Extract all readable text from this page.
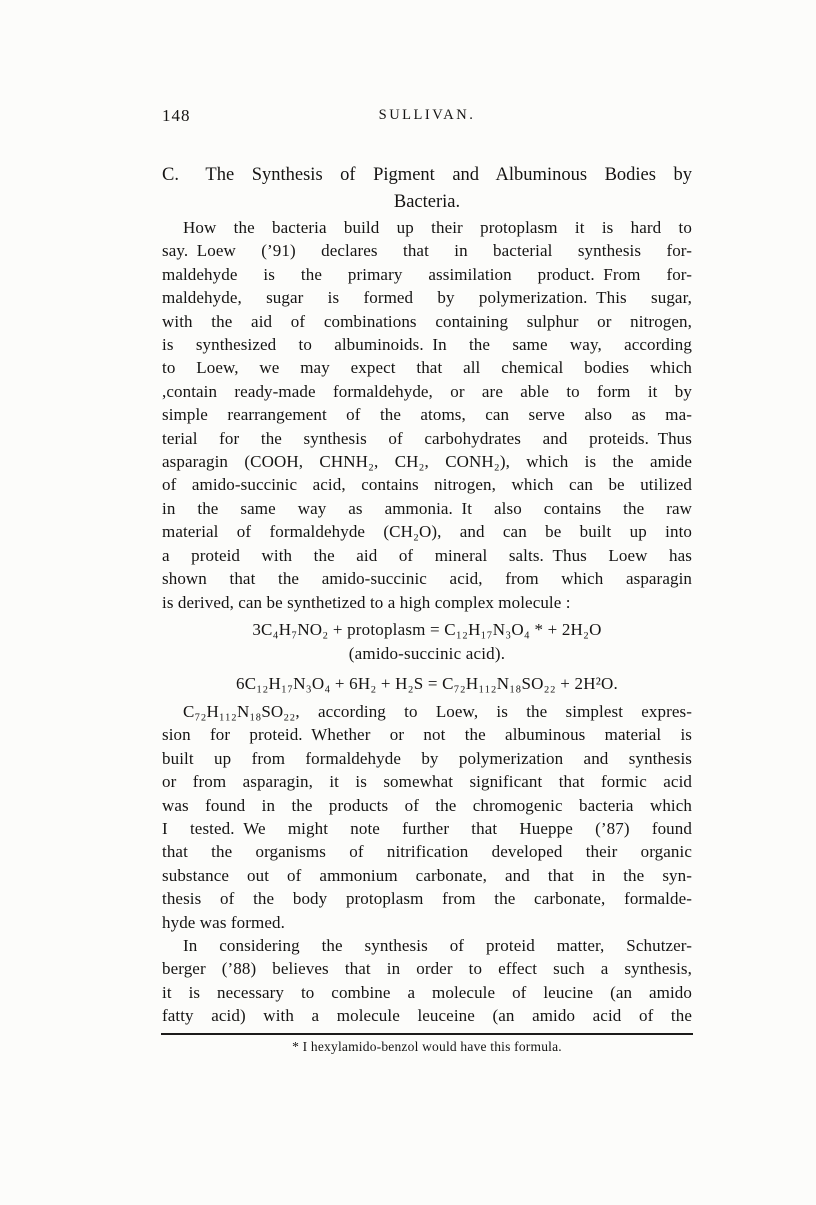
148	SULLIVAN.
C.  The Synthesis of Pigment and Albuminous Bodies by
Bacteria.
How the bacteria build up their protoplasm it is hard to
say. Loew (’91) declares that in bacterial synthesis for-
maldehyde is the primary assimilation product. From for-
maldehyde, sugar is formed by polymerization. This sugar,
with the aid of combinations containing sulphur or nitrogen,
is synthesized to albuminoids. In the same way, according
to Loew, we may expect that all chemical bodies which
,contain ready-made formaldehyde, or are able to form it by
simple rearrangement of the atoms, can serve also as ma-
terial for the synthesis of carbohydrates and proteids. Thus
asparagin (COOH, CHNH₂, CH₂, CONH₂), which is the amide
of amido-succinic acid, contains nitrogen, which can be utilized
in the same way as ammonia. It also contains the raw
material of formaldehyde (CH₂O), and can be built up into
a proteid with the aid of mineral salts. Thus Loew has
shown that the amido-succinic acid, from which asparagin
is derived, can be synthetized to a high complex molecule :
3C₄H₇NO₂ + protoplasm = C₁₂H₁₇N₃O₄ * + 2H₂O
(amido-succinic acid).
6C₁₂H₁₇N₃O₄ + 6H₂ + H₂S = C₇₂H₁₁₂N₁₈SO₂₂ + 2H²O.
C₇₂H₁₁₂N₁₈SO₂₂, according to Loew, is the simplest expres-
sion for proteid. Whether or not the albuminous material is
built up from formaldehyde by polymerization and synthesis
or from asparagin, it is somewhat significant that formic acid
was found in the products of the chromogenic bacteria which
I tested. We might note further that Hueppe (’87) found
that the organisms of nitrification developed their organic
substance out of ammonium carbonate, and that in the syn-
thesis of the body protoplasm from the carbonate, formalde-
hyde was formed.
In considering the synthesis of proteid matter, Schutzer-
berger (’88) believes that in order to effect such a synthesis,
it is necessary to combine a molecule of leucine (an amido
fatty acid) with a molecule leuceine (an amido acid of the
* I hexylamido-benzol would have this formula.
